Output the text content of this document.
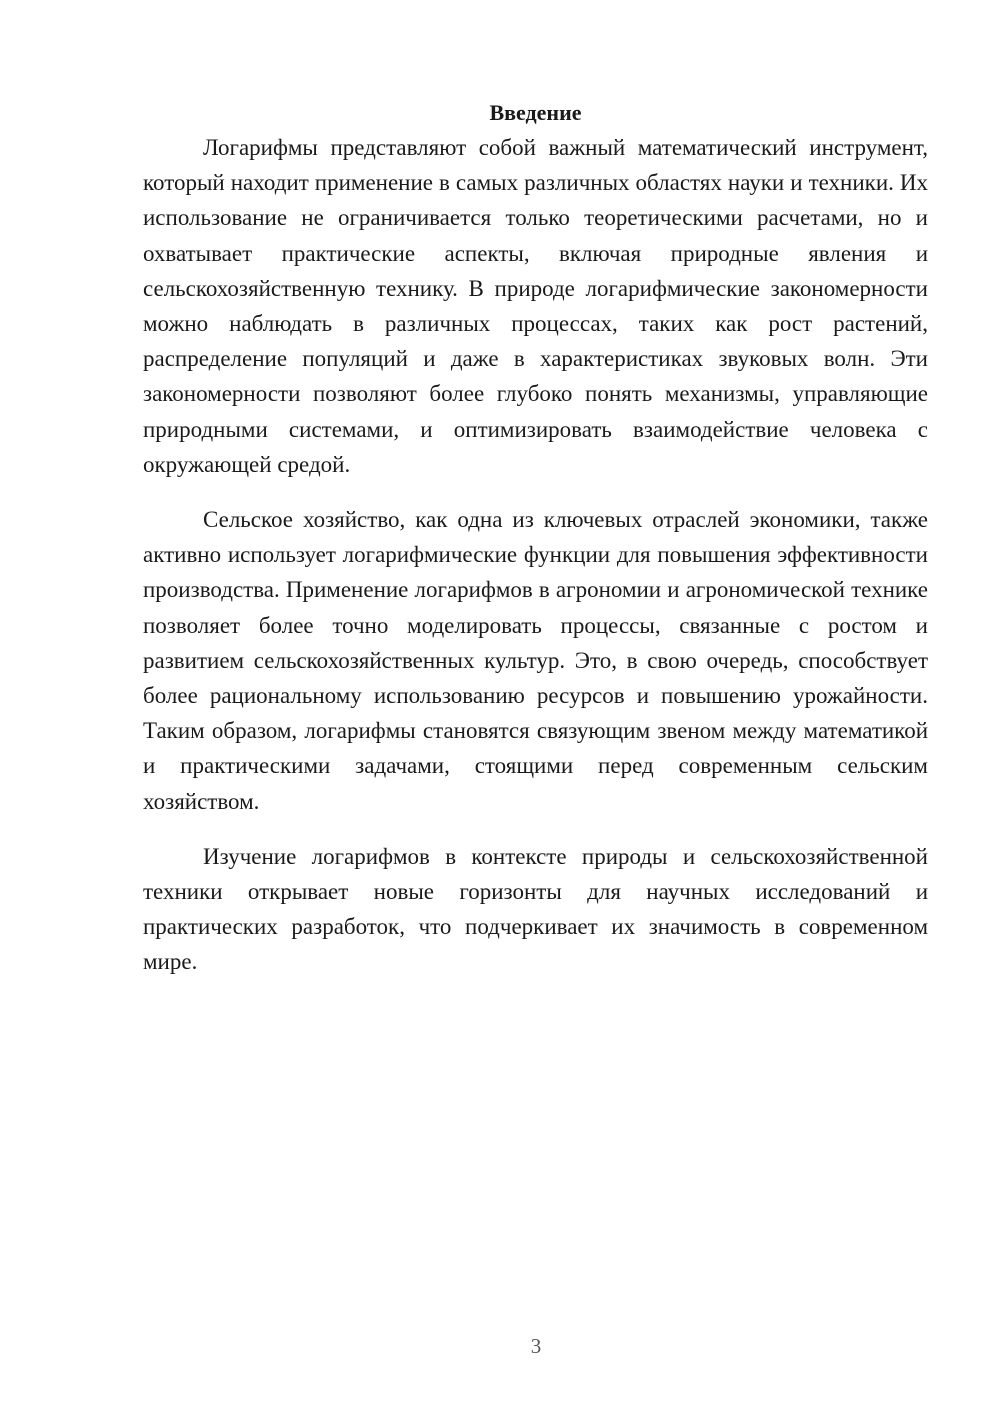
Введение

Логарифмы представляют собой важный математический инструмент, который находит применение в самых различных областях науки и техники. Их использование не ограничивается только теоретическими расчетами, но и охватывает практические аспекты, включая природные явления и сельскохозяйственную технику. В природе логарифмические закономерности можно наблюдать в различных процессах, таких как рост растений, распределение популяций и даже в характеристиках звуковых волн. Эти закономерности позволяют более глубоко понять механизмы, управляющие природными системами, и оптимизировать взаимодействие человека с окружающей средой.

Сельское хозяйство, как одна из ключевых отраслей экономики, также активно использует логарифмические функции для повышения эффективности производства. Применение логарифмов в агрономии и агрономической технике позволяет более точно моделировать процессы, связанные с ростом и развитием сельскохозяйственных культур. Это, в свою очередь, способствует более рациональному использованию ресурсов и повышению урожайности. Таким образом, логарифмы становятся связующим звеном между математикой и практическими задачами, стоящими перед современным сельским хозяйством.

Изучение логарифмов в контексте природы и сельскохозяйственной техники открывает новые горизонты для научных исследований и практических разработок, что подчеркивает их значимость в современном мире.

3
